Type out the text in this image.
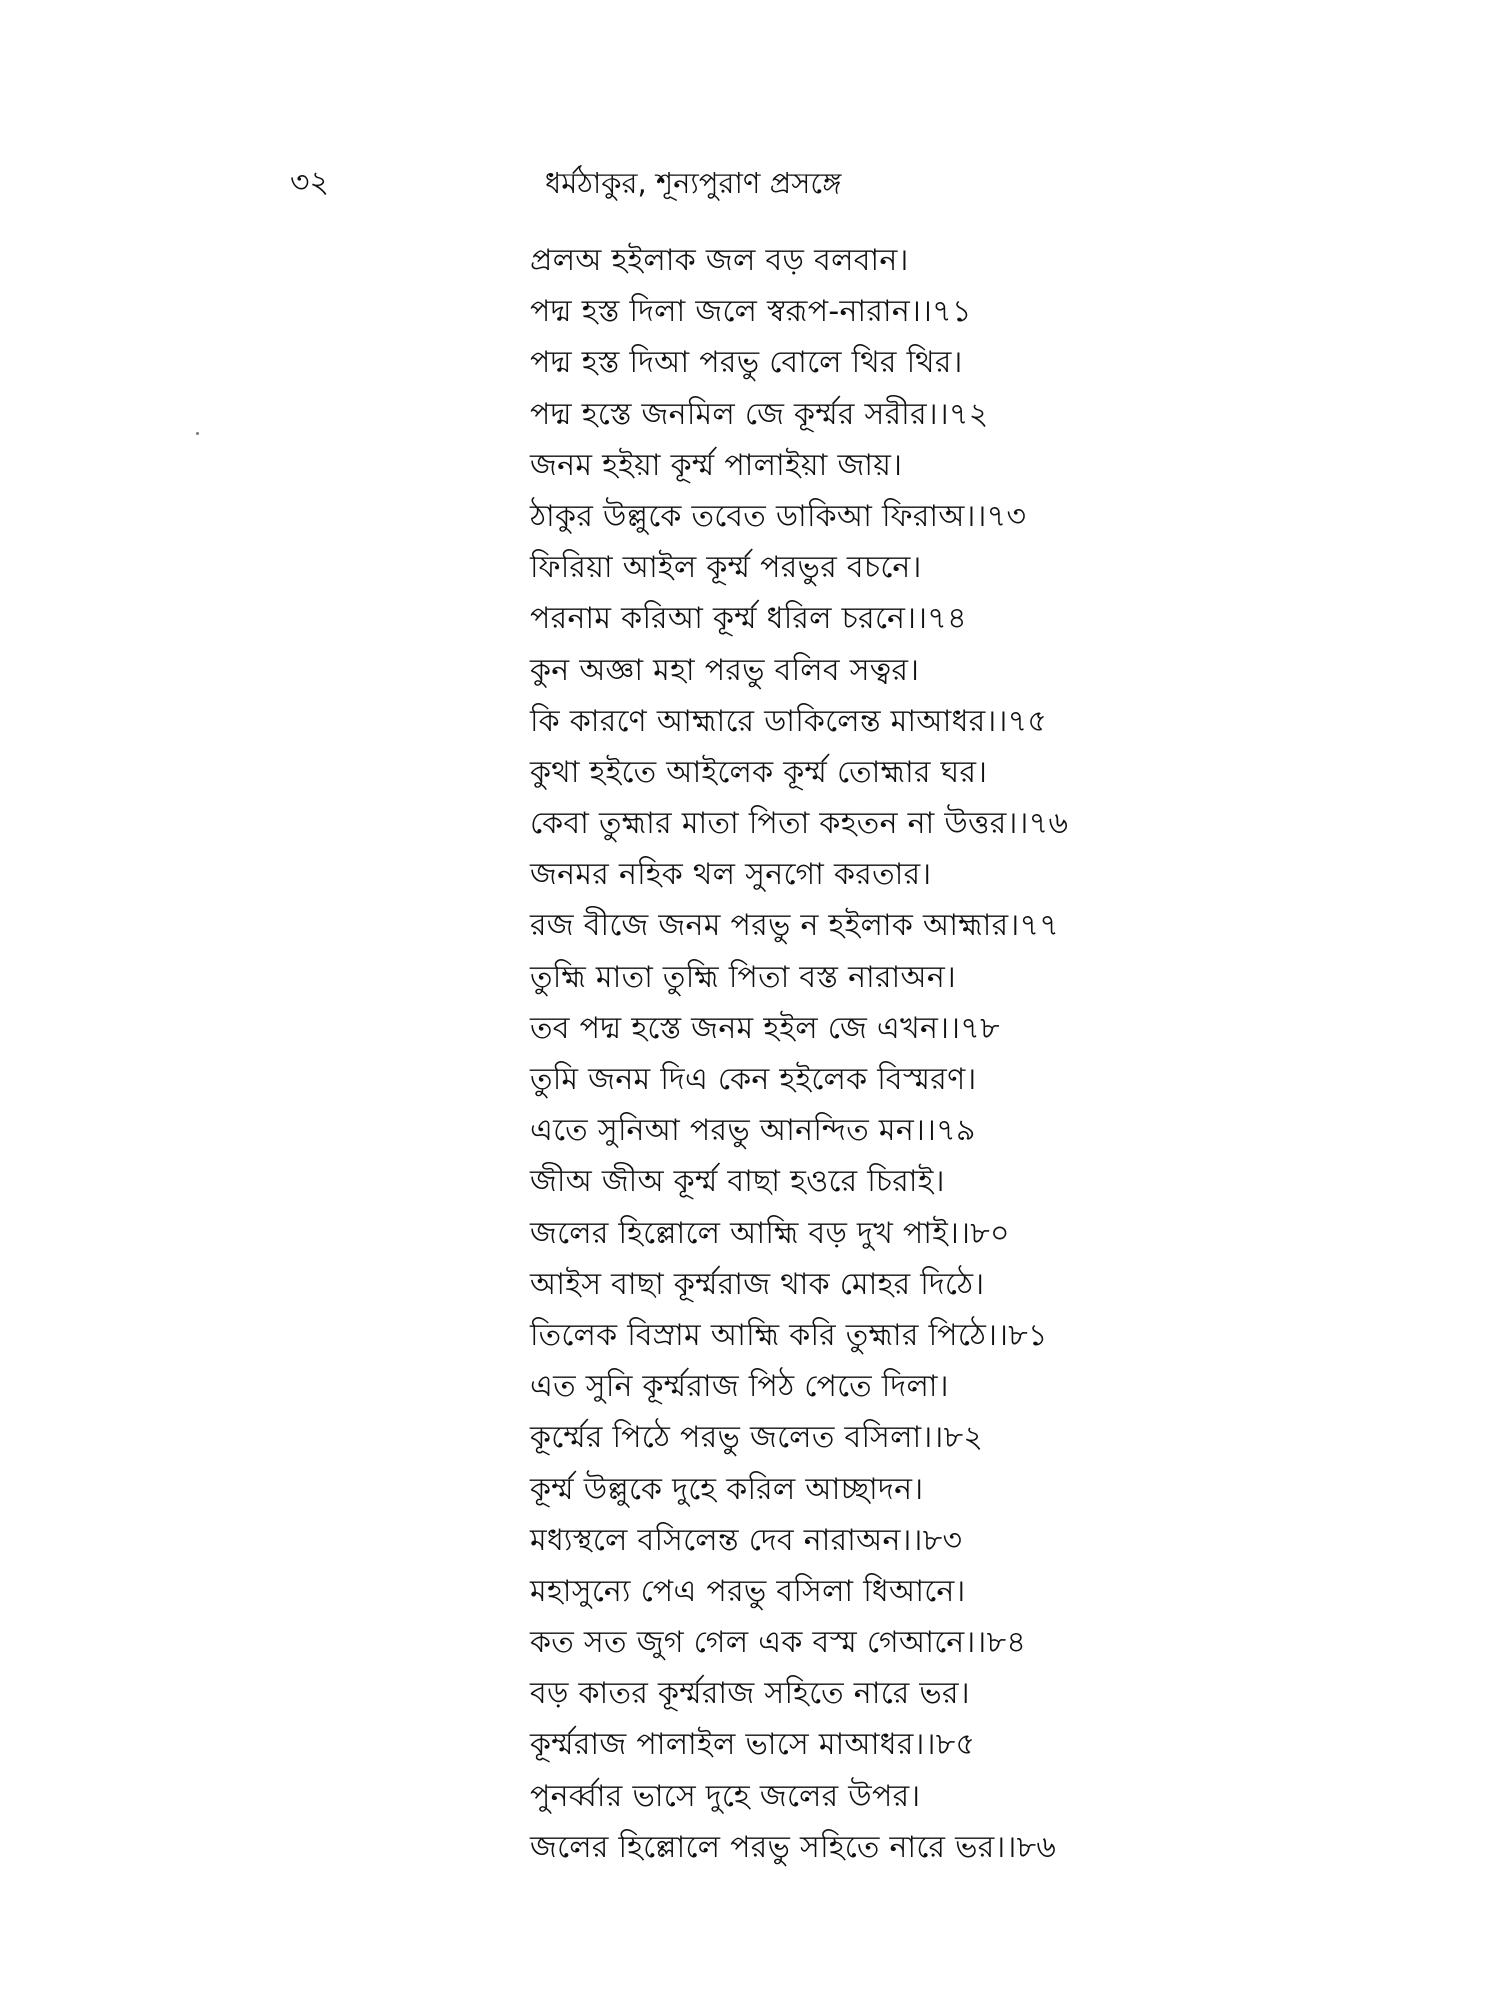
৩২	ধর্মঠাকুর, শূন্যপুরাণ প্রসঙ্গে
প্রলঅ হইলাক জল বড় বলবান।
পদ্ম হস্ত দিলা জলে স্বরূপ-নারান।।৭১
পদ্ম হস্ত দিআ পরভু বোলে থির থির।
পদ্ম হস্তে জনমিল জে কূর্ম্মর সরীর।।৭২
জনম হইয়া কূর্ম্ম পালাইয়া জায়।
ঠাকুর উল্লুকে তবেত ডাকিআ ফিরাঅ।।৭৩
ফিরিয়া আইল কূর্ম্ম পরভুর বচনে।
পরনাম করিআ কূর্ম্ম ধরিল চরনে।।৭৪
কুন অজ্ঞা মহা পরভু বলিব সত্বর।
কি কারণে আহ্মারে ডাকিলেন্ত মাআধর।।৭৫
কুথা হইতে আইলেক কূর্ম্ম তোহ্মার ঘর।
কেবা তুহ্মার মাতা পিতা কহতন না উত্তর।।৭৬
জনমর নহিক থল সুনগো করতার।
রজ বীজে জনম পরভু ন হইলাক আহ্মার।৭৭
তুহ্মি মাতা তুহ্মি পিতা বস্ত নারাঅন।
তব পদ্ম হস্তে জনম হইল জে এখন।।৭৮
তুমি জনম দিএ কেন হইলেক বিস্মরণ।
এতে সুনিআ পরভু আনন্দিত মন।।৭৯
জীঅ জীঅ কূর্ম্ম বাছা হওরে চিরাই।
জলের হিল্লোলে আহ্মি বড় দুখ পাই।।৮০
আইস বাছা কূর্ম্মরাজ থাক মোহর দিঠে।
তিলেক বিস্রাম আহ্মি করি তুহ্মার পিঠে।।৮১
এত সুনি কূর্ম্মরাজ পিঠ পেতে দিলা।
কূর্ম্মের পিঠে পরভু জলেত বসিলা।।৮২
কূর্ম্ম উল্লুকে দুহে করিল আচ্ছাদন।
মধ্যস্থলে বসিলেন্ত দেব নারাঅন।।৮৩
মহাসুন্যে পেএ পরভু বসিলা ধিআনে।
কত সত জুগ গেল এক বস্ম গেআনে।।৮৪
বড় কাতর কূর্ম্মরাজ সহিতে নারে ভর।
কূর্ম্মরাজ পালাইল ভাসে মাআধর।।৮৫
পুনর্ব্বার ভাসে দুহে জলের উপর।
জলের হিল্লোলে পরভু সহিতে নারে ভর।।৮৬
